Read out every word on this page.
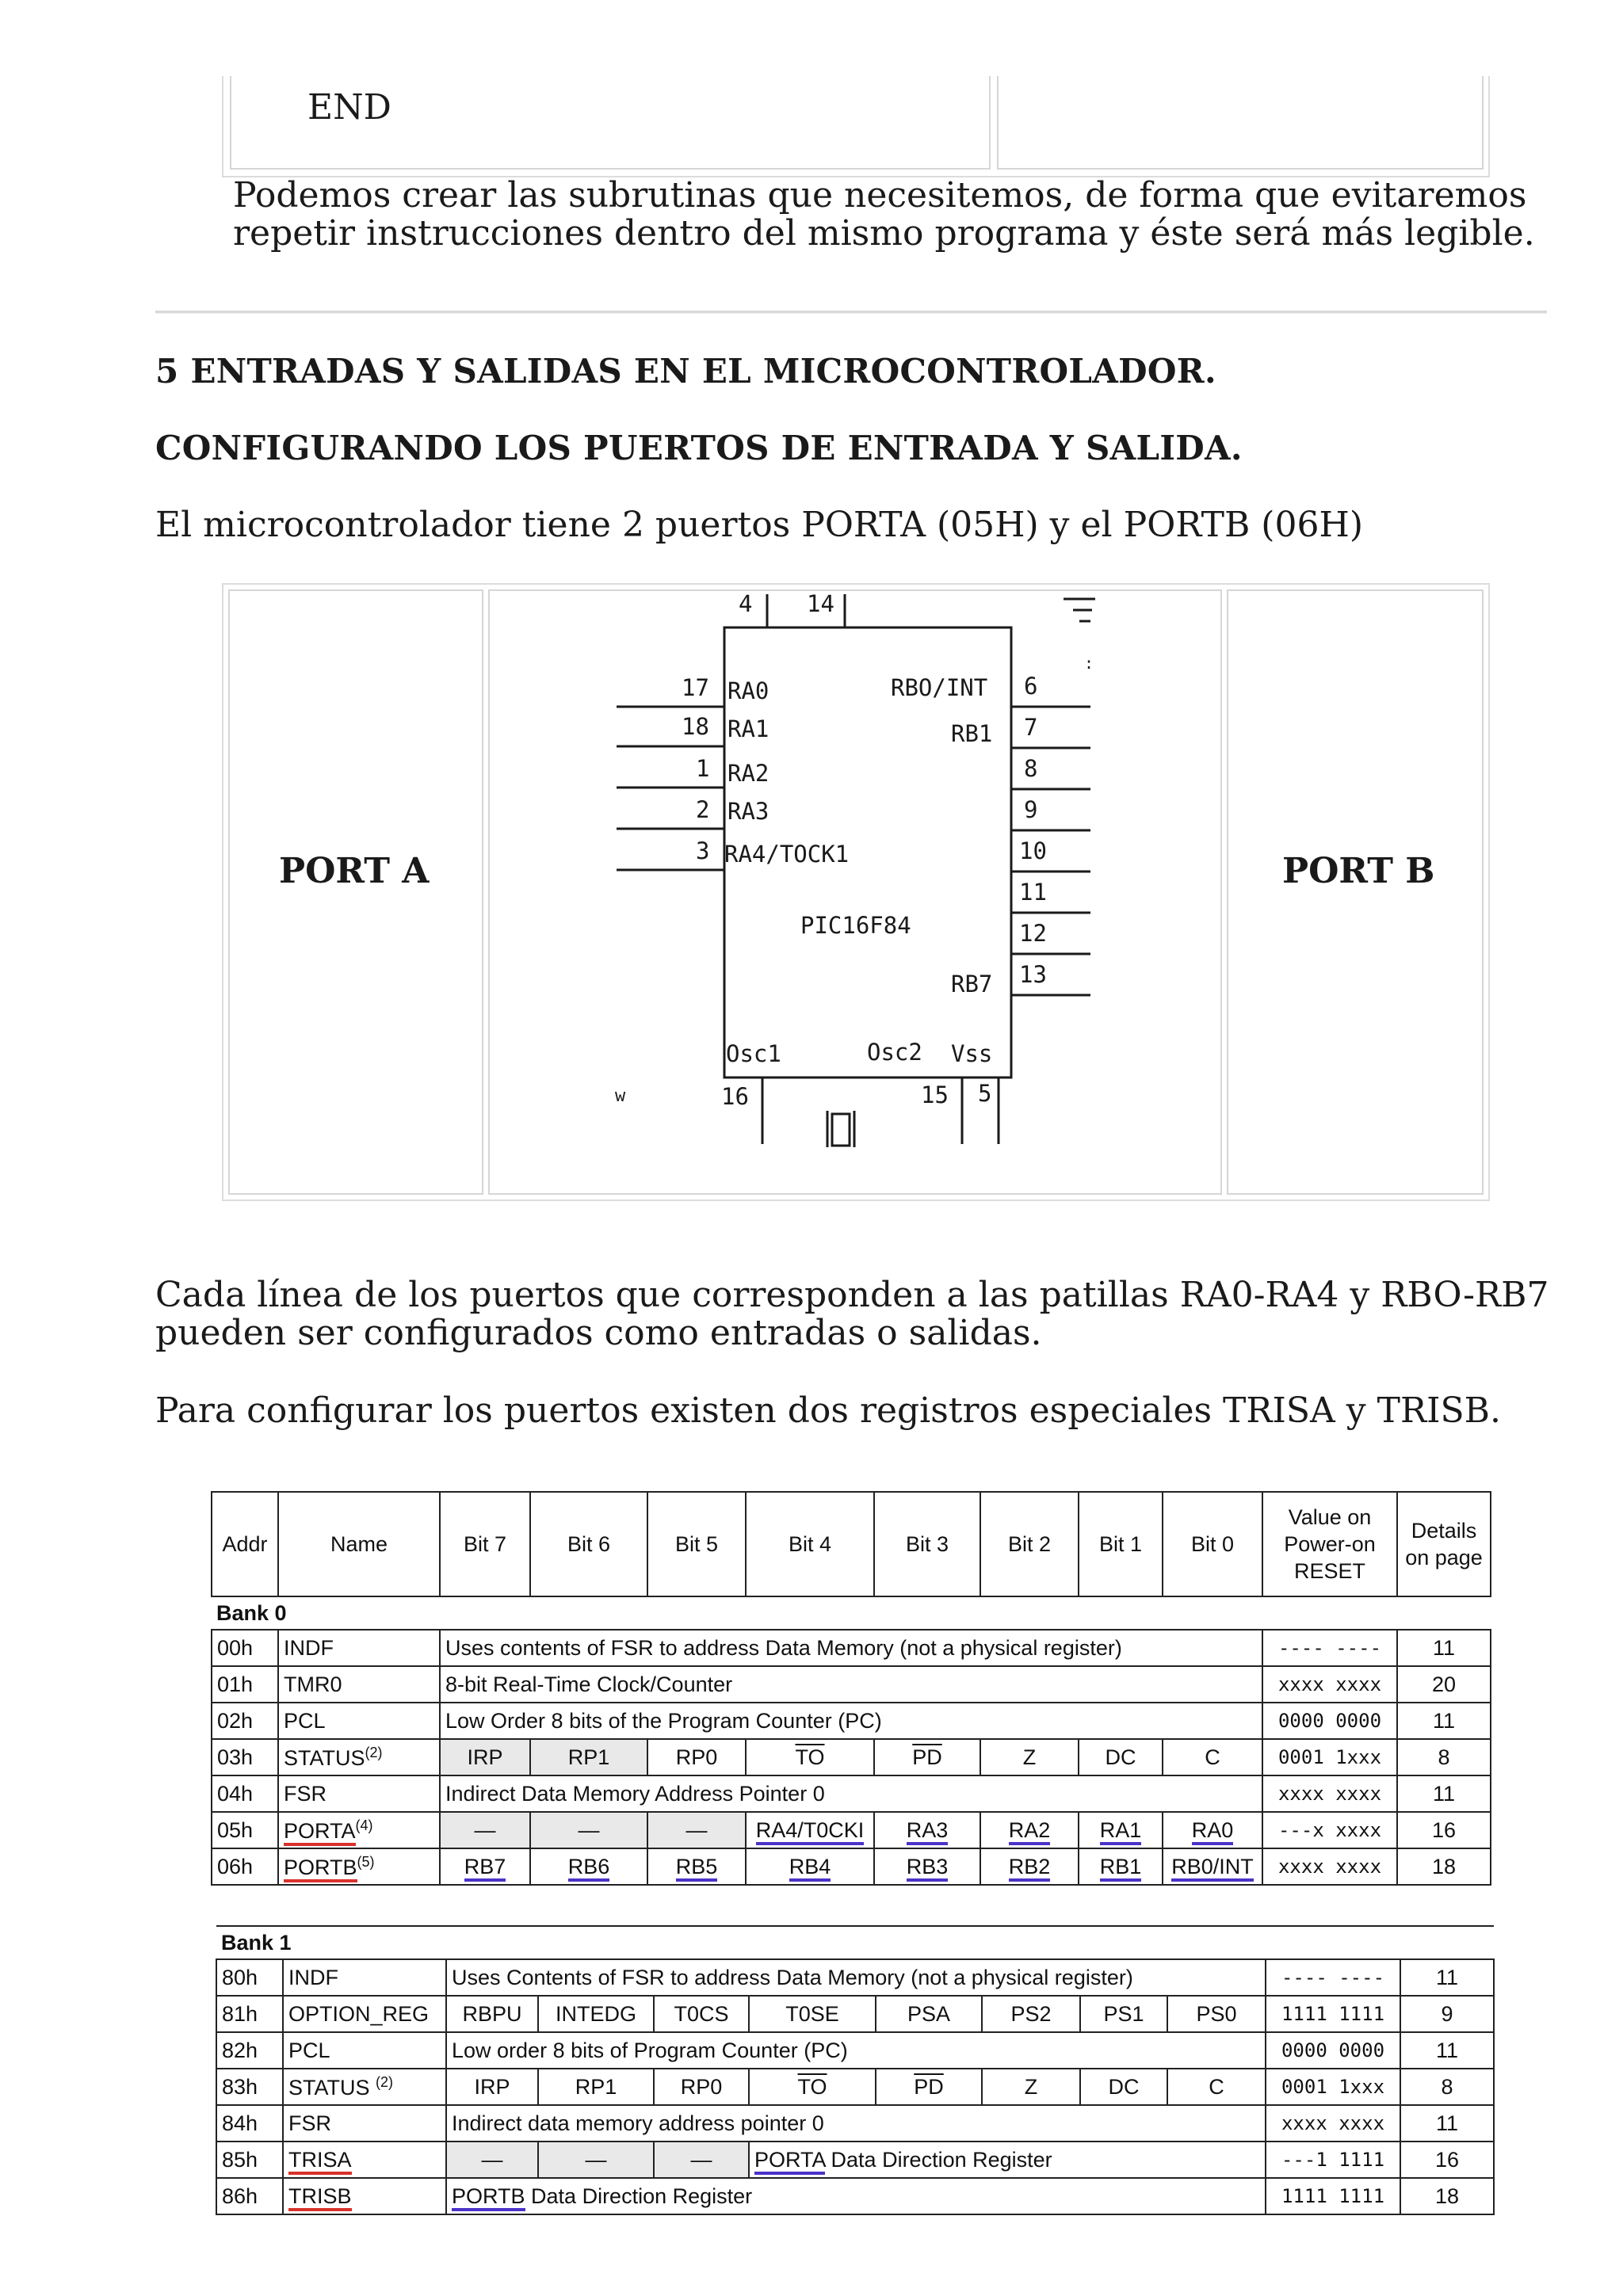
END
Podemos crear las subrutinas que necesitemos, de forma que evitaremos
repetir instrucciones dentro del mismo programa y éste será más legible.
5 ENTRADAS Y SALIDAS EN EL MICROCONTROLADOR.
CONFIGURANDO LOS PUERTOS DE ENTRADA Y SALIDA.
El microcontrolador tiene 2 puertos PORTA (05H) y el PORTB (06H)
PORT A	PORT B
4 14
:
17
18
1
2
3
RA0
RA1
RA2
RA3
RA4/TOCK1
6
7
8
9
10
11
12
13
RBO/INT
RB1
RB7
PIC16F84
Osc1	Osc2 Vss
16	15 5
w
Cada línea de los puertos que corresponden a las patillas RA0-RA4 y RBO-RB7
pueden ser configurados como entradas o salidas.
Para configurar los puertos existen dos registros especiales TRISA y TRISB.
Addr	Name	Bit 7	Bit 6	Bit 5	Bit 4	Bit 3	Bit 2	Bit 1	Bit 0	Value on Power-on RESET	Details on page
Bank 0											
00h	INDF	Uses contents of FSR to address Data Memory (not a physical register)								---- ----	11
01h	TMR0	8-bit Real-Time Clock/Counter								xxxx xxxx	20
02h	PCL	Low Order 8 bits of the Program Counter (PC)								0000 0000	11
03h	STATUS$^{(2)}$	IRP	RP1	RP0	$\overline{TO}$	$\overline{PD}$	Z	DC	C	0001 1xxx	8
04h	FSR	Indirect Data Memory Address Pointer 0								xxxx xxxx	11
05h	PORTA$^{(4)}$	—	—	—	RA4/T0CKI	RA3	RA2	RA1	RA0	---x xxxx	16
06h	PORTB$^{(5)}$	RB7	RB6	RB5	RB4	RB3	RB2	RB1	RB0/INT	xxxx xxxx	18
Bank 1											
80h	INDF	Uses Contents of FSR to address Data Memory (not a physical register)								---- ----	11
81h	OPTION_REG	RBPU	INTEDG	T0CS	T0SE	PSA	PS2	PS1	PS0	1111 1111	9
82h	PCL	Low order 8 bits of Program Counter (PC)								0000 0000	11
83h	STATUS $^{(2)}$	IRP	RP1	RP0	$\overline{TO}$	$\overline{PD}$	Z	DC	C	0001 1xxx	8
84h	FSR	Indirect data memory address pointer 0								xxxx xxxx	11
85h	TRISA	—	—	—	PORTA Data Direction Register					---1 1111	16
86h	TRISB	PORTB Data Direction Register								1111 1111	18
